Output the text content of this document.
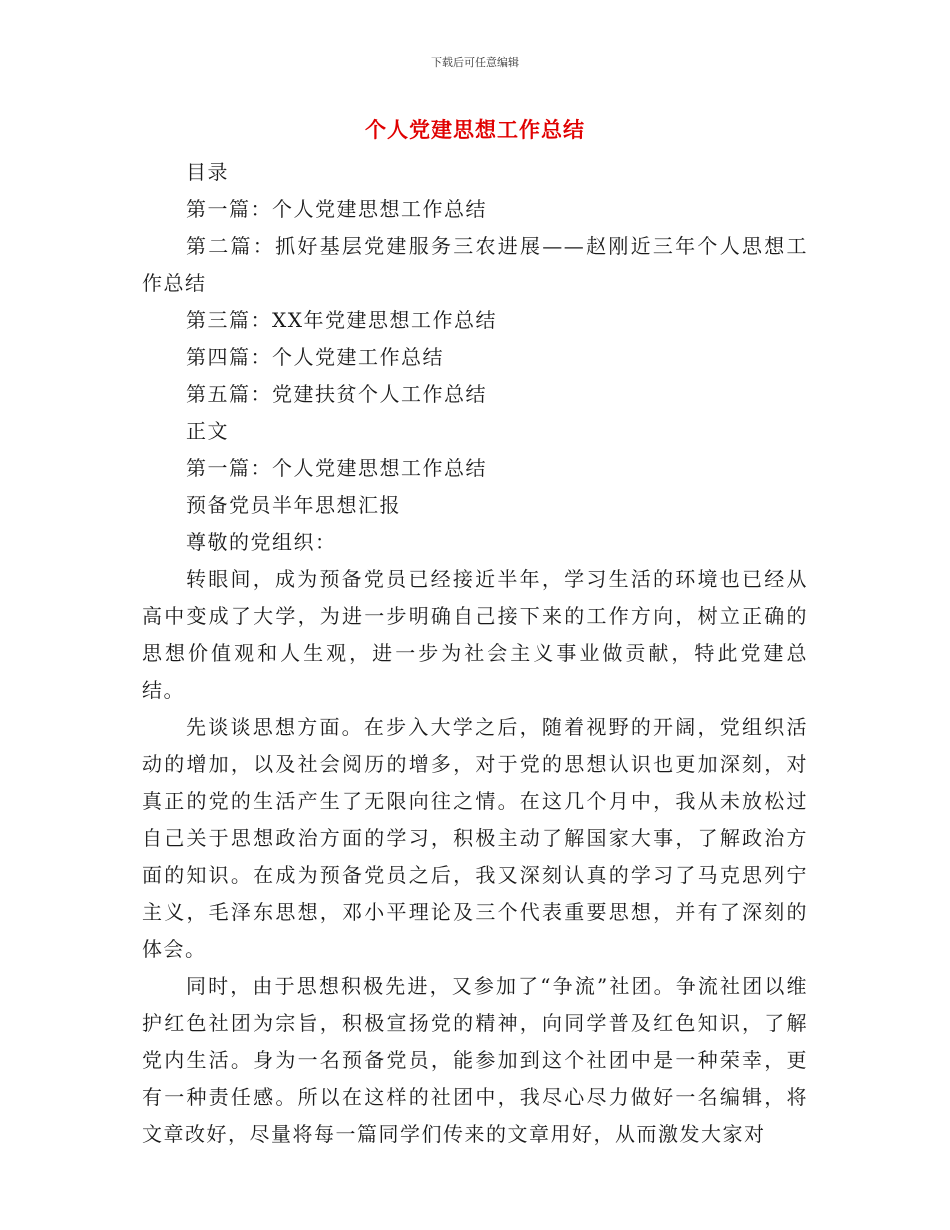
下载后可任意编辑
个人党建思想工作总结

目录

第一篇：个人党建思想工作总结

第二篇：抓好基层党建服务三农进展——赵刚近三年个人思想工作总结

第三篇：XX年党建思想工作总结

第四篇：个人党建工作总结

第五篇：党建扶贫个人工作总结

正文

第一篇：个人党建思想工作总结

预备党员半年思想汇报

尊敬的党组织：

转眼间，成为预备党员已经接近半年，学习生活的环境也已经从高中变成了大学，为进一步明确自己接下来的工作方向，树立正确的思想价值观和人生观，进一步为社会主义事业做贡献，特此党建总结。

先谈谈思想方面。在步入大学之后，随着视野的开阔，党组织活动的增加，以及社会阅历的增多，对于党的思想认识也更加深刻，对真正的党的生活产生了无限向往之情。在这几个月中，我从未放松过自己关于思想政治方面的学习，积极主动了解国家大事，了解政治方面的知识。在成为预备党员之后，我又深刻认真的学习了马克思列宁主义，毛泽东思想，邓小平理论及三个代表重要思想，并有了深刻的体会。

同时，由于思想积极先进，又参加了“争流”社团。争流社团以维护红色社团为宗旨，积极宣扬党的精神，向同学普及红色知识，了解党内生活。身为一名预备党员，能参加到这个社团中是一种荣幸，更有一种责任感。所以在这样的社团中，我尽心尽力做好一名编辑，将文章改好，尽量将每一篇同学们传来的文章用好，从而激发大家对
